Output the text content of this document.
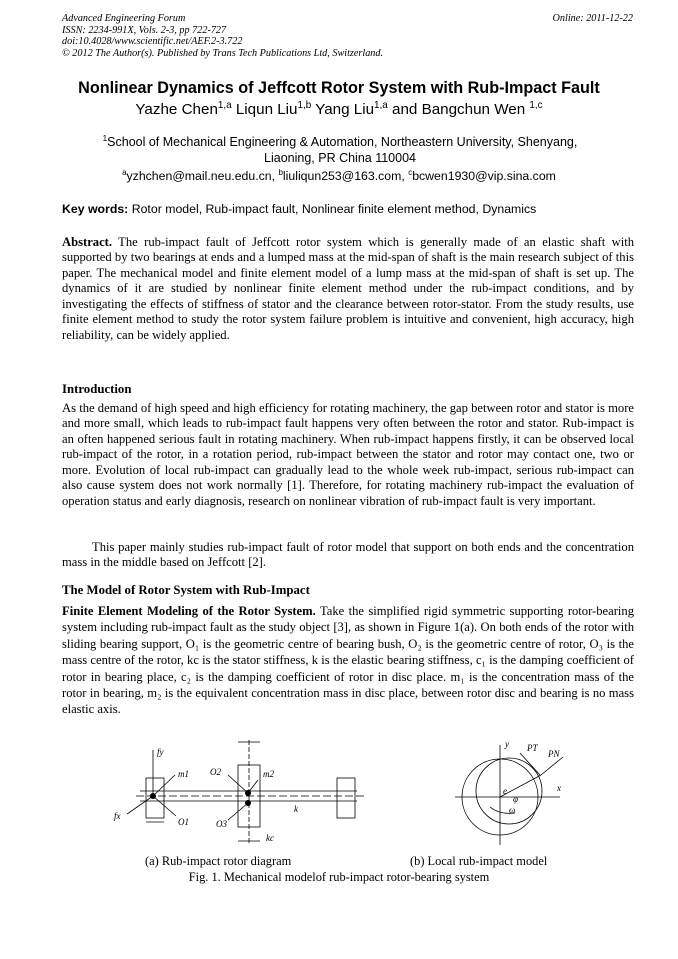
Advanced Engineering Forum
ISSN: 2234-991X, Vols. 2-3, pp 722-727
doi:10.4028/www.scientific.net/AEF.2-3.722
© 2012 The Author(s). Published by Trans Tech Publications Ltd, Switzerland.
Online: 2011-12-22
Nonlinear Dynamics of Jeffcott Rotor System with Rub-Impact Fault
Yazhe Chen$^{1,a}$ Liqun Liu$^{1,b}$ Yang Liu$^{1,a}$ and Bangchun Wen $^{1,c}$
$^1$School of Mechanical Engineering & Automation, Northeastern University, Shenyang, Liaoning, PR China 110004
$^a$yzhchen@mail.neu.edu.cn, $^b$liuliqun253@163.com, $^c$bcwen1930@vip.sina.com
Key words: Rotor model, Rub-impact fault, Nonlinear finite element method, Dynamics
Abstract. The rub-impact fault of Jeffcott rotor system which is generally made of an elastic shaft with supported by two bearings at ends and a lumped mass at the mid-span of shaft is the main research subject of this paper. The mechanical model and finite element model of a lump mass at the mid-span of shaft is set up. The dynamics of it are studied by nonlinear finite element method under the rub-impact conditions, and by investigating the effects of stiffness of stator and the clearance between rotor-stator. From the study results, use finite element method to study the rotor system failure problem is intuitive and convenient, high accuracy, high reliability, can be widely applied.
Introduction
As the demand of high speed and high efficiency for rotating machinery, the gap between rotor and stator is more and more small, which leads to rub-impact fault happens very often between the rotor and stator. Rub-impact is an often happened serious fault in rotating machinery. When rub-impact happens firstly, it can be observed local rub-impact of the rotor, in a rotation period, rub-impact between the stator and rotor may contact one, two or more. Evolution of local rub-impact can gradually lead to the whole week rub-impact, serious rub-impact can also cause system does not work normally [1]. Therefore, for rotating machinery rub-impact the evaluation of operation status and early diagnosis, research on nonlinear vibration of rub-impact fault is very important.
This paper mainly studies rub-impact fault of rotor model that support on both ends and the concentration mass in the middle based on Jeffcott [2].
The Model of Rotor System with Rub-Impact
Finite Element Modeling of the Rotor System. Take the simplified rigid symmetric supporting rotor-bearing system including rub-impact fault as the study object [3], as shown in Figure 1(a). On both ends of the rotor with sliding bearing support, O₁ is the geometric centre of bearing bush, O₂ is the geometric centre of rotor, O₃ is the mass centre of the rotor, kc is the stator stiffness, k is the elastic bearing stiffness, c₁ is the damping coefficient of rotor in bearing place, c₂ is the damping coefficient of rotor in disc place. m₁ is the concentration mass of the rotor in bearing, m₂ is the equivalent concentration mass in disc place, between rotor disc and bearing is no mass elastic axis.
fy
fx
m1	m2
O2
O1	O3
k
kc
y
x
PT
PN
e
φ
ω
(a) Rub-impact rotor diagram	(b) Local rub-impact model
Fig. 1. Mechanical modelof rub-impact rotor-bearing system
